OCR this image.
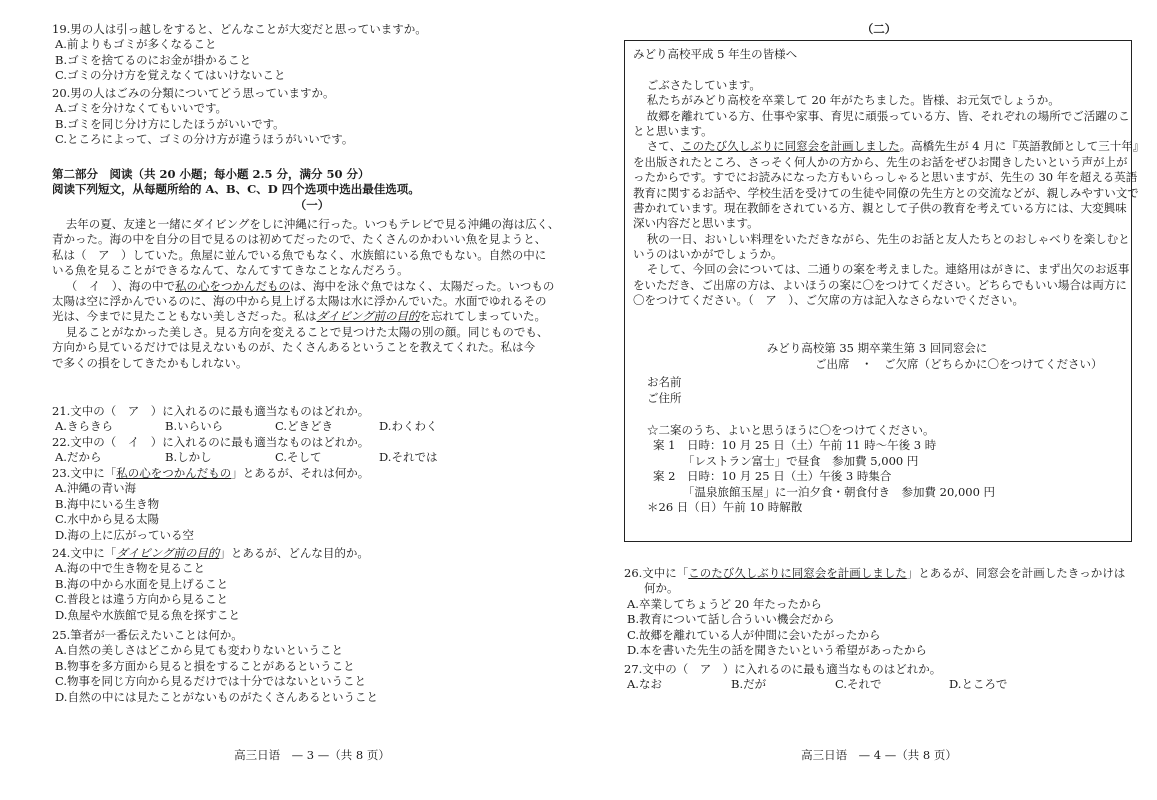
19.男の人は引っ越しをすると、どんなことが大変だと思っていますか。
A.前よりもゴミが多くなること
B.ゴミを捨てるのにお金が掛かること
C.ゴミの分け方を覚えなくてはいけないこと
20.男の人はごみの分類についてどう思っていますか。
A.ゴミを分けなくてもいいです。
B.ゴミを同じ分け方にしたほうがいいです。
C.ところによって、ゴミの分け方が違うほうがいいです。
第二部分　阅读（共 20 小题；每小题 2.5 分，满分 50 分）
阅读下列短文，从每题所给的 A、B、C、D 四个选项中选出最佳选项。
（一）
去年の夏、友達と一緒にダイビングをしに沖縄に行った。いつもテレビで見る沖縄の海は広く、
青かった。海の中を自分の目で見るのは初めてだったので、たくさんのかわいい魚を見ようと、
私は（　ア　）していた。魚屋に並んでいる魚でもなく、水族館にいる魚でもない。自然の中に
いる魚を見ることができるなんて、なんてすてきなことなんだろう。
（　イ　）、海の中で私の心をつかんだものは、海中を泳ぐ魚ではなく、太陽だった。いつもの
太陽は空に浮かんでいるのに、海の中から見上げる太陽は水に浮かんでいた。水面でゆれるその
光は、今までに見たこともない美しさだった。私はダイビング前の目的を忘れてしまっていた。
見ることがなかった美しさ。見る方向を変えることで見つけた太陽の別の顔。同じものでも、
方向から見ているだけでは見えないものが、たくさんあるということを教えてくれた。私は今
で多くの損をしてきたかもしれない。
21.文中の（　ア　）に入れるのに最も適当なものはどれか。
A.きらきら	B.いらいら	C.どきどき	D.わくわく
22.文中の（　イ　）に入れるのに最も適当なものはどれか。
A.だから	B.しかし	C.そして	D.それでは
23.文中に「私の心をつかんだもの」とあるが、それは何か。
A.沖縄の青い海
B.海中にいる生き物
C.水中から見る太陽
D.海の上に広がっている空
24.文中に「ダイビング前の目的」とあるが、どんな目的か。
A.海の中で生き物を見ること
B.海の中から水面を見上げること
C.普段とは違う方向から見ること
D.魚屋や水族館で見る魚を探すこと
25.筆者が一番伝えたいことは何か。
A.自然の美しさはどこから見ても変わりないということ
B.物事を多方面から見ると損をすることがあるということ
C.物事を同じ方向から見るだけでは十分ではないということ
D.自然の中には見たことがないものがたくさんあるということ
高三日语　— 3 —（共 8 页）
（二）
みどり高校平成 5 年生の皆様へ
ごぶさたしています。
私たちがみどり高校を卒業して 20 年がたちました。皆様、お元気でしょうか。
故郷を離れている方、仕事や家事、育児に頑張っている方、皆、それぞれの場所でご活躍のこ
とと思います。
さて、このたび久しぶりに同窓会を計画しました。高橋先生が 4 月に『英語教師として三十年』
を出版されたところ、さっそく何人かの方から、先生のお話をぜひお聞きしたいという声が上が
ったからです。すでにお読みになった方もいらっしゃると思いますが、先生の 30 年を超える英語
教育に関するお話や、学校生活を受けての生徒や同僚の先生方との交流などが、親しみやすい文で
書かれています。現在教師をされている方、親として子供の教育を考えている方には、大変興味
深い内容だと思います。
秋の一日、おいしい料理をいただきながら、先生のお話と友人たちとのおしゃべりを楽しむと
いうのはいかがでしょうか。
そして、今回の会については、二通りの案を考えました。連絡用はがきに、まず出欠のお返事
をいただき、ご出席の方は、よいほうの案に〇をつけてください。どちらでもいい場合は両方に
〇をつけてください。（　ア　）、ご欠席の方は記入なさらないでください。
みどり高校第 35 期卒業生第 3 回同窓会に
ご出席　・　ご欠席（どちらかに〇をつけてください）
お名前
ご住所
☆二案のうち、よいと思うほうに〇をつけてください。
案 1　日時：10 月 25 日（土）午前 11 時〜午後 3 時
「レストラン富士」で昼食　参加費 5,000 円
案 2　日時：10 月 25 日（土）午後 3 時集合
「温泉旅館玉屋」に一泊夕食・朝食付き　参加費 20,000 円
＊26 日（日）午前 10 時解散
26.文中に「このたび久しぶりに同窓会を計画しました」とあるが、同窓会を計画したきっかけは
何か。
A.卒業してちょうど 20 年たったから
B.教育について話し合ういい機会だから
C.故郷を離れている人が仲間に会いたがったから
D.本を書いた先生の話を聞きたいという希望があったから
27.文中の（　ア　）に入れるのに最も適当なものはどれか。
A.なお	B.だが	C.それで	D.ところで
高三日语　— 4 —（共 8 页）
